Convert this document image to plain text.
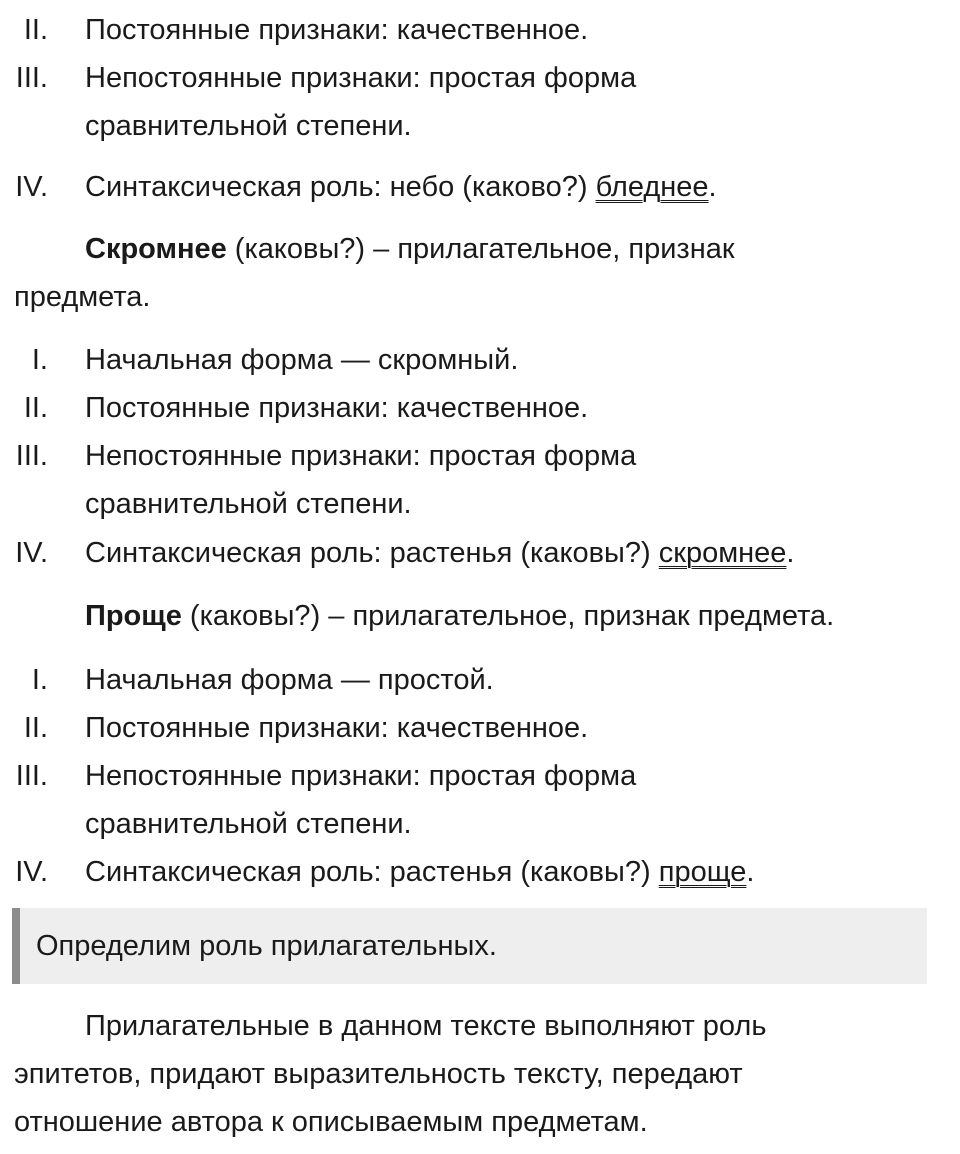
II. Постоянные признаки: качественное.
III. Непостоянные признаки: простая форма
сравнительной степени.
IV. Синтаксическая роль: небо (каково?) бледнее.
Скромнее (каковы?) – прилагательное, признак
предмета.
I. Начальная форма — скромный.
II. Постоянные признаки: качественное.
III. Непостоянные признаки: простая форма
сравнительной степени.
IV. Синтаксическая роль: растенья (каковы?) скромнее.
Проще (каковы?) – прилагательное, признак предмета.
I. Начальная форма — простой.
II. Постоянные признаки: качественное.
III. Непостоянные признаки: простая форма
сравнительной степени.
IV. Синтаксическая роль: растенья (каковы?) проще.
Определим роль прилагательных.
Прилагательные в данном тексте выполняют роль
эпитетов, придают выразительность тексту, передают
отношение автора к описываемым предметам.
